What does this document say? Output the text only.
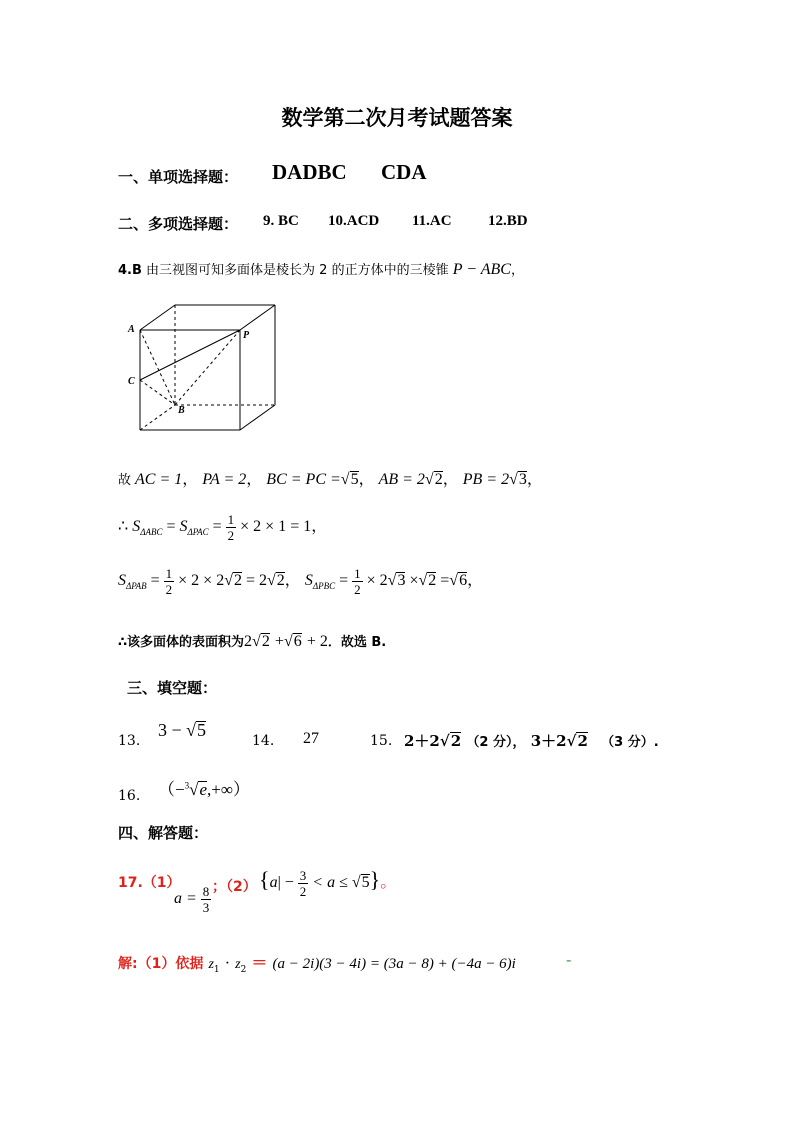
数学第二次月考试题答案
一、单项选择题： DADBC CDA
二、多项选择题： 9. BC 10.ACD 11.AC 12.BD
4.B 由三视图可知多面体是棱长为 2 的正方体中的三棱锥 P − ABC，
A
P
C
B
故 AC = 1， PA = 2， BC = PC =√5， AB = 2√2， PB = 2√3，
∴ $S_{\Delta ABC} = S_{\Delta PAC} = \frac{1}{2} \times 2 \times 1 = 1$，
$S_{\Delta PAB} = \frac{1}{2} \times 2 \times 2√2 = 2√2$， $S_{\Delta PBC} = \frac{1}{2} \times 2√3 \times√2 =√6$，
∴该多面体的表面积为2√2 +√6 + 2．故选 B.
三、填空题：
13.
3 − √5
14. 27	15. 2＋2√2 （2 分）， 3＋2√2 （3 分）.
16. （−$^3$√e,+∞）
四、解答题：
17.（1）
$a = \frac{8}{3}$ ；（2） $\{a| - \frac{3}{2} < a \le √5\}$。
解:（1）依据 $z_1 \cdot z_2 = (a - 2i)(3 - 4i) = (3a - 8) + (-4a - 6)i$	-
